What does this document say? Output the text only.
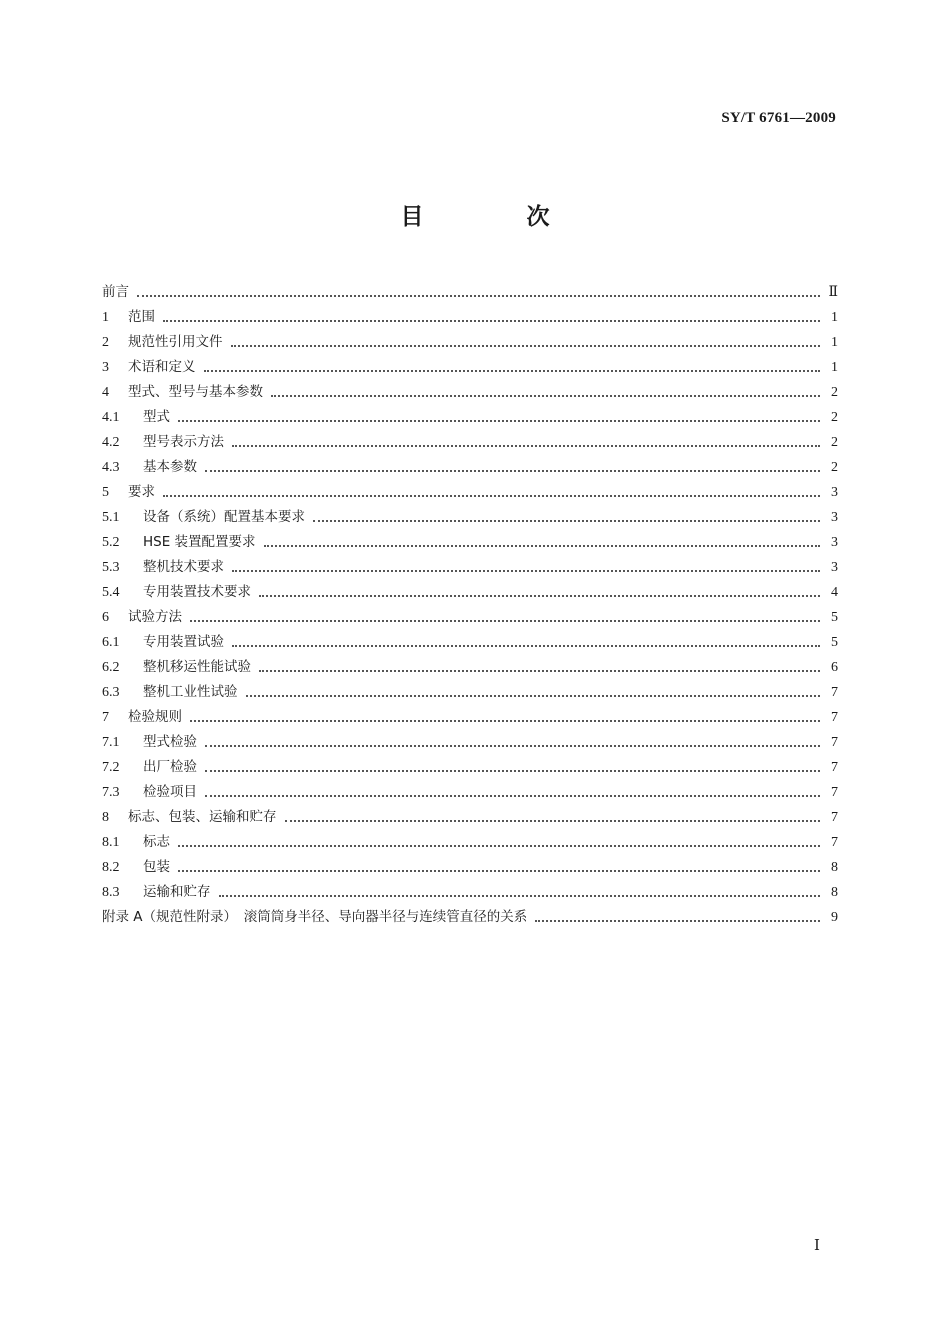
SY/T 6761—2009
目　次
前言	Ⅱ
1	范围	1
2	规范性引用文件	1
3	术语和定义	1
4	型式、型号与基本参数	2
4.1	型式	2
4.2	型号表示方法	2
4.3	基本参数	2
5	要求	3
5.1	设备（系统）配置基本要求	3
5.2	HSE 装置配置要求	3
5.3	整机技术要求	3
5.4	专用装置技术要求	4
6	试验方法	5
6.1	专用装置试验	5
6.2	整机移运性能试验	6
6.3	整机工业性试验	7
7	检验规则	7
7.1	型式检验	7
7.2	出厂检验	7
7.3	检验项目	7
8	标志、包装、运输和贮存	7
8.1	标志	7
8.2	包装	8
8.3	运输和贮存	8
附录 A（规范性附录）　滚筒筒身半径、导向器半径与连续管直径的关系	9
Ⅰ
